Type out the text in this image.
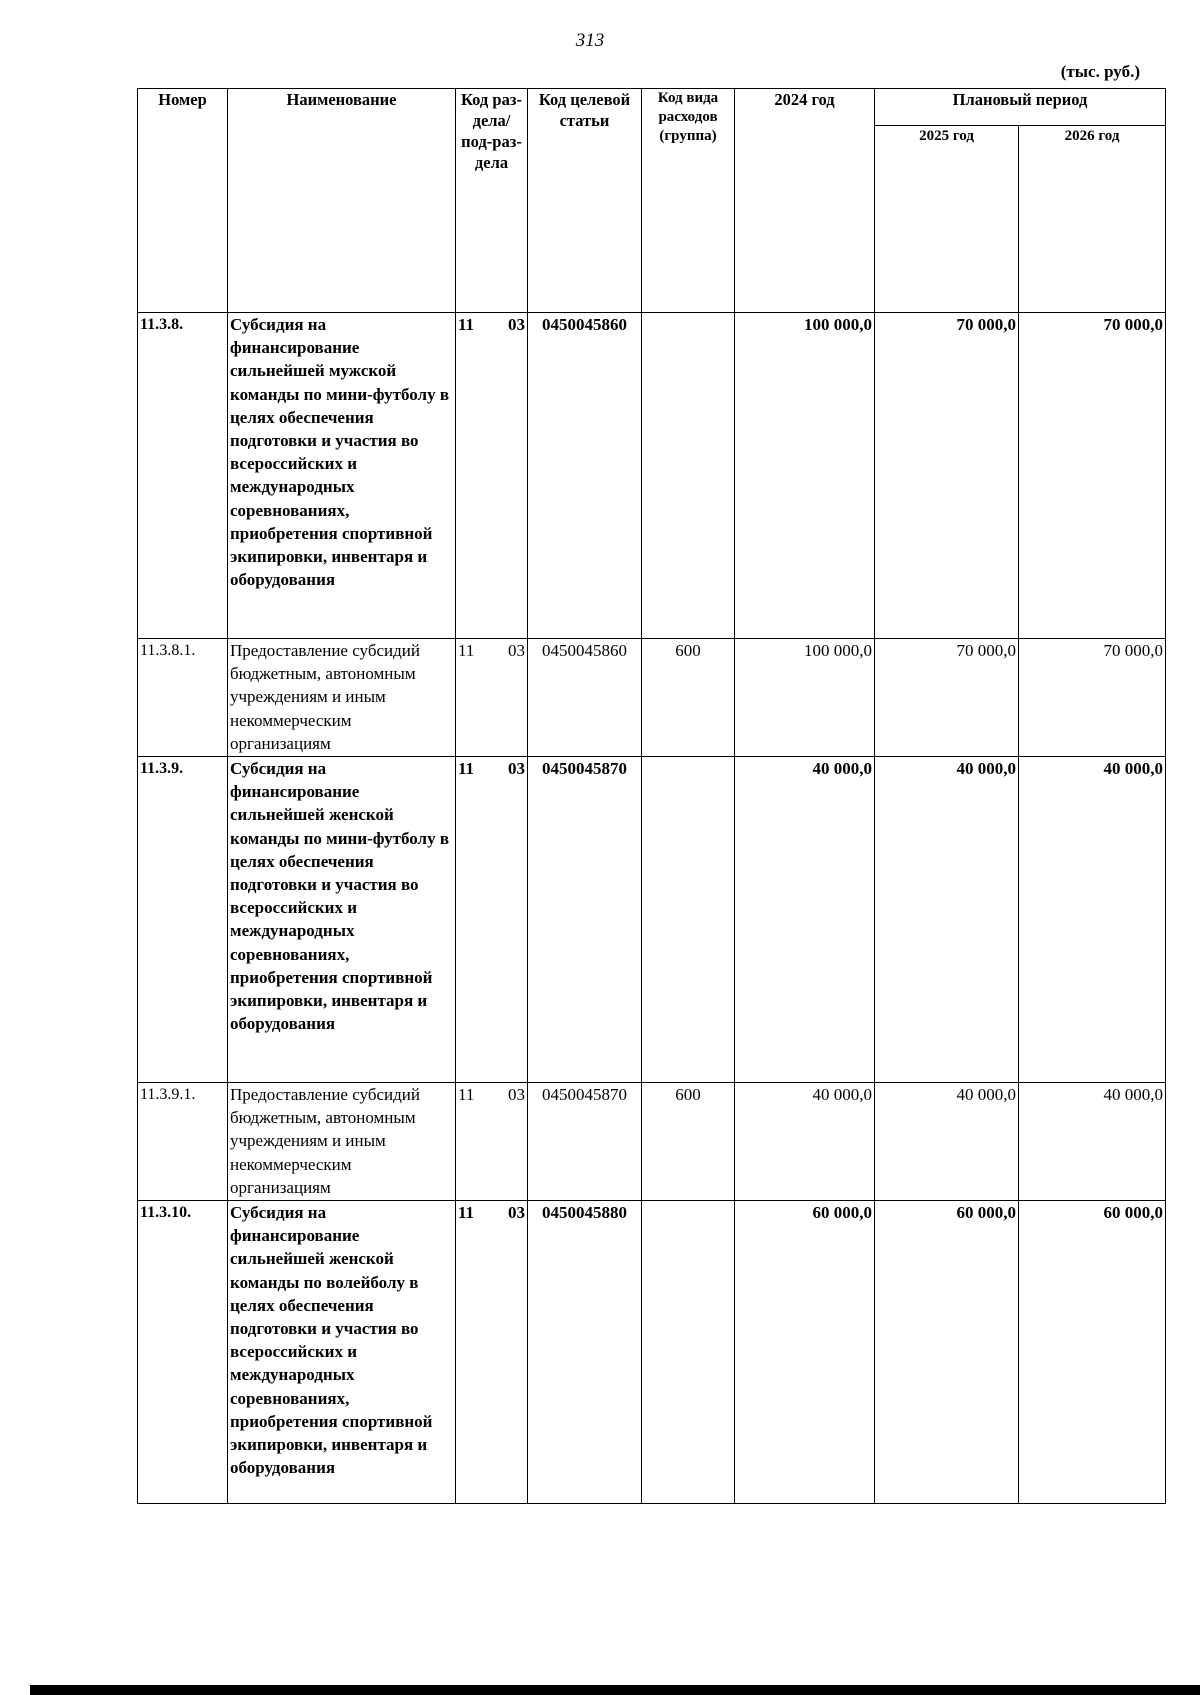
313
(тыс. руб.)
Номер	Наименование	Код раз-дела/ под-раз-дела	Код целевой статьи	Код вида расходов (группа)	2024 год	Плановый период	
						2025 год	2026 год
11.3.8.	Субсидия на финансирование сильнейшей мужской команды по мини-футболу в целях обеспечения подготовки и участия во всероссийских и международных соревнованиях, приобретения спортивной экипировки, инвентаря и оборудования	11 03	0450045860		100 000,0	70 000,0	70 000,0
11.3.8.1.	Предоставление субсидий бюджетным, автономным учреждениям и иным некоммерческим организациям	11 03	0450045860	600	100 000,0	70 000,0	70 000,0
11.3.9.	Субсидия на финансирование сильнейшей женской команды по мини-футболу в целях обеспечения подготовки и участия во всероссийских и международных соревнованиях, приобретения спортивной экипировки, инвентаря и оборудования	11 03	0450045870		40 000,0	40 000,0	40 000,0
11.3.9.1.	Предоставление субсидий бюджетным, автономным учреждениям и иным некоммерческим организациям	11 03	0450045870	600	40 000,0	40 000,0	40 000,0
11.3.10.	Субсидия на финансирование сильнейшей женской команды по волейболу в целях обеспечения подготовки и участия во всероссийских и международных соревнованиях, приобретения спортивной экипировки, инвентаря и оборудования	11 03	0450045880		60 000,0	60 000,0	60 000,0
